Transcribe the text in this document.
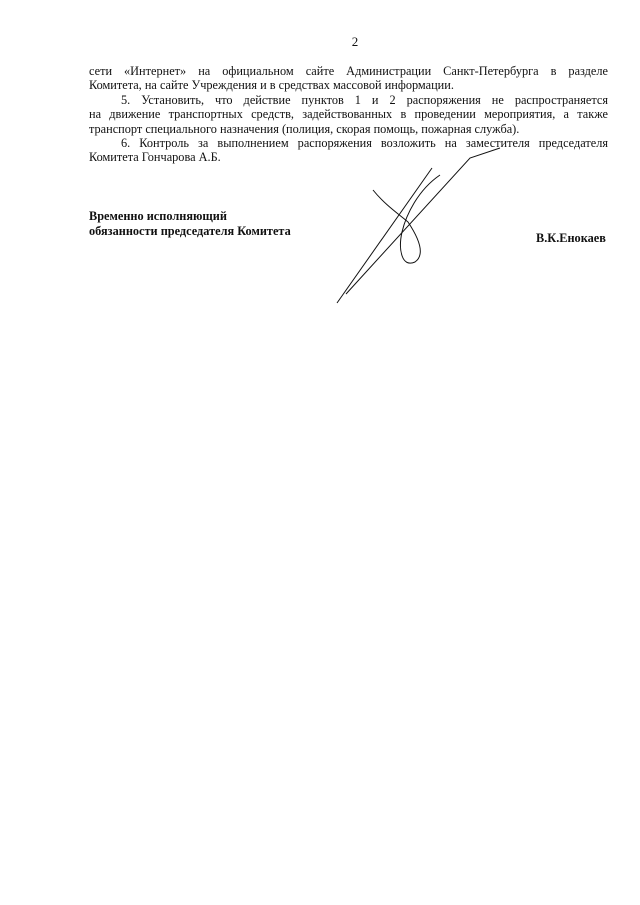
2
сети «Интернет» на официальном сайте Администрации Санкт-Петербурга в разделе
Комитета, на сайте Учреждения и в средствах массовой информации.
5. Установить, что действие пунктов 1 и 2 распоряжения не распространяется
на движение транспортных средств, задействованных в проведении мероприятия, а также
транспорт специального назначения (полиция, скорая помощь, пожарная служба).
6. Контроль за выполнением распоряжения возложить на заместителя председателя
Комитета Гончарова А.Б.
Временно исполняющий
обязанности председателя Комитета	В.К.Енокаев
